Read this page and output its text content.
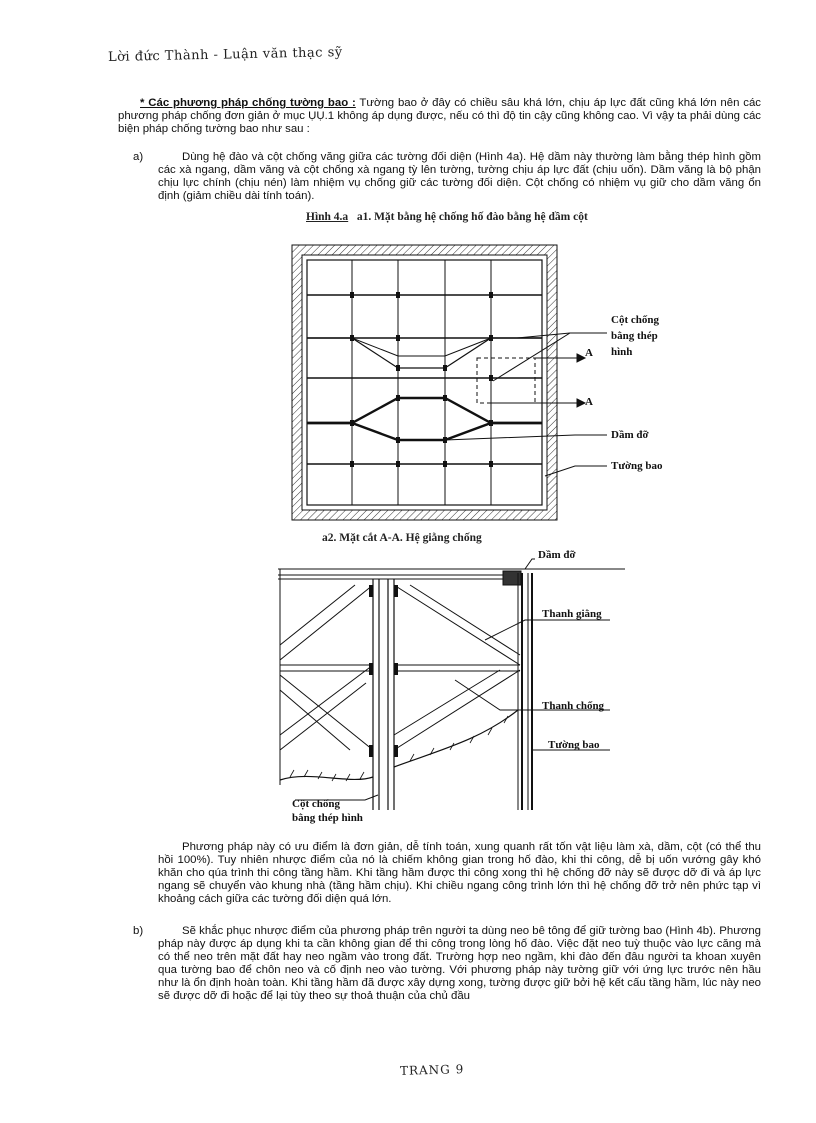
Lời đức Thành - Luận văn thạc sỹ

* Các phương pháp chống tường bao : Tường bao ở đây có chiều sâu khá lớn, chịu áp lực đất cũng khá lớn nên các phương pháp chống đơn giản ở mục ỤỤ.1 không áp dụng được, nếu có thì độ tin cậy cũng không cao. Vì vậy ta phải dùng các biện pháp chống tường bao như sau :

a)	Dùng hệ đào và cột chống văng giữa các tường đối diện (Hình 4a). Hệ dầm này thường làm bằng thép hình gồm các xà ngang, dầm văng và cột chống xà ngang tỳ lên tường, tường chịu áp lực đất (chịu uốn). Dầm văng là bộ phận chịu lực chính (chịu nén) làm nhiệm vụ chống giữ các tường đối diện. Cột chống có nhiệm vụ giữ cho dầm văng ổn định (giảm chiều dài tính toán).

Hình 4.a a1. Mặt bằng hệ chống hố đào bằng hệ dầm cột
A
A
Cột chống
bằng thép
hình
Dầm đỡ
Tường bao
a2. Mặt cắt A-A. Hệ giằng chống
Dầm đỡ
Thanh giằng
Thanh chống
Tường bao
Cột chống
bằng thép hình

Phương pháp này có ưu điểm là đơn giản, dễ tính toán, xung quanh rất tốn vật liệu làm xà, dầm, cột (có thể thu hồi 100%). Tuy nhiên nhược điểm của nó là chiếm không gian trong hố đào, khi thi công, dễ bị uốn vướng gây khó khăn cho qúa trình thi công tầng hầm. Khi tầng hầm được thi công xong thì hệ chống đỡ này sẽ được dỡ đi và áp lực ngang sẽ chuyển vào khung nhà (tầng hầm chịu). Khi chiều ngang công trình lớn thì hệ chống đỡ trở nên phức tạp vì khoảng cách giữa các tường đối diện quá lớn.

b)	Sẽ khắc phục nhược điểm của phương pháp trên người ta dùng neo bê tông để giữ tường bao (Hình 4b). Phương pháp này được áp dụng khi ta cần không gian để thi công trong lòng hố đào. Việc đặt neo tuỳ thuộc vào lực căng mà có thể neo trên mặt đất hay neo ngầm vào trong đất. Trường hợp neo ngầm, khi đào đến đâu người ta khoan xuyên qua tường bao để chôn neo và cố định neo vào tường. Với phương pháp này tường giữ với ứng lực trước nên hầu như là ổn định hoàn toàn. Khi tầng hầm đã được xây dựng xong, tường được giữ bởi hệ kết cấu tầng hầm, lúc này neo sẽ được dỡ đi hoặc để lại tùy theo sự thoả thuận của chủ đầu

TRANG 9
